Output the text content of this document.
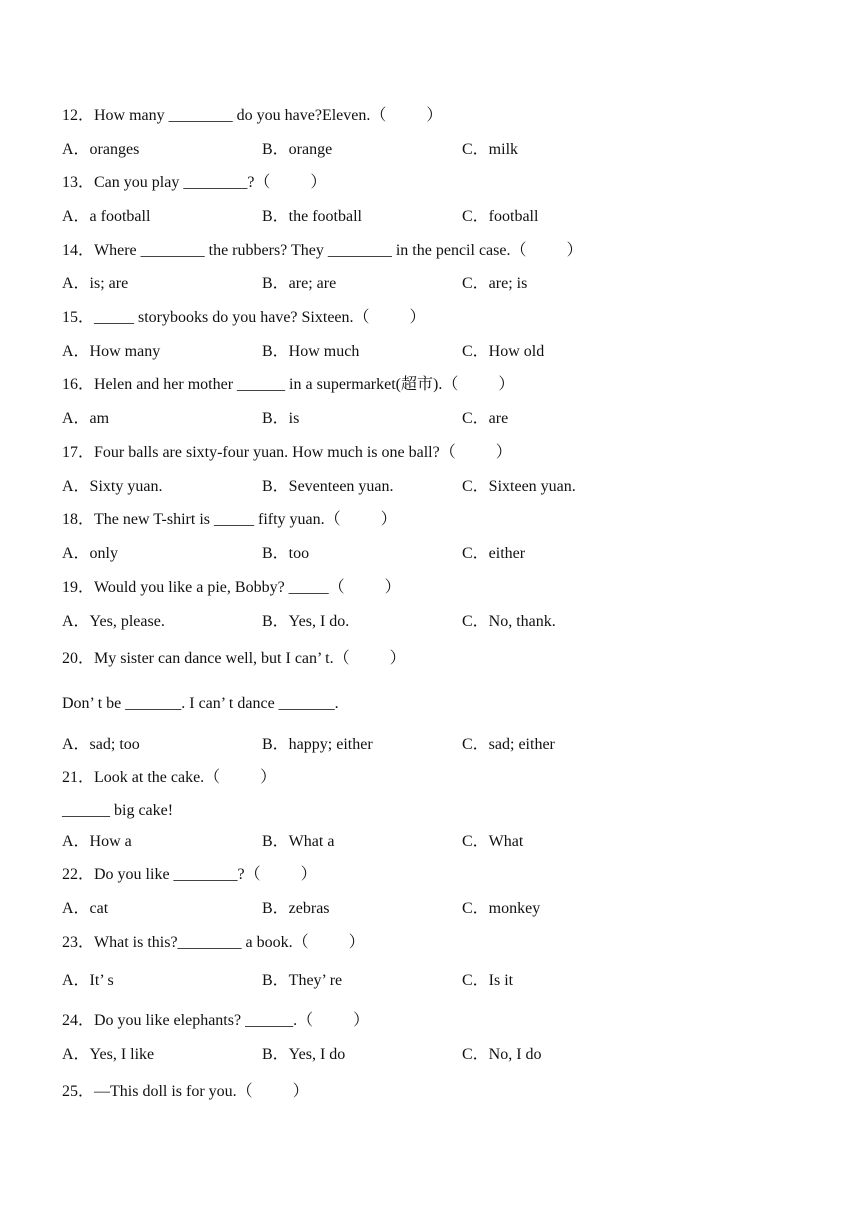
12．How many ________ do you have?Eleven.（          ）
A．oranges	B．orange	C．milk
13．Can you play ________?（          ）
A．a football	B．the football	C．football
14．Where ________ the rubbers? They ________ in the pencil case.（          ）
A．is; are	B．are; are	C．are; is
15．_____ storybooks do you have? Sixteen.（          ）
A．How many	B．How much	C．How old
16．Helen and her mother ______ in a supermarket(超市).（          ）
A．am	B．is	C．are
17．Four balls are sixty-four yuan. How much is one ball?（          ）
A．Sixty yuan.	B．Seventeen yuan.	C．Sixteen yuan.
18．The new T-shirt is _____ fifty yuan.（          ）
A．only	B．too	C．either
19．Would you like a pie, Bobby? _____（          ）
A．Yes, please.	B．Yes, I do.	C．No, thank.
20．My sister can dance well, but I can’ t.（          ）
Don’ t be _______. I can’ t dance _______.
A．sad; too	B．happy; either	C．sad; either
21．Look at the cake.（          ）
______ big cake!
A．How a	B．What a	C．What
22．Do you like ________?（          ）
A．cat	B．zebras	C．monkey
23．What is this?________ a book.（          ）
A．It’ s	B．They’ re	C．Is it
24．Do you like elephants? ______.（          ）
A．Yes, I like	B．Yes, I do	C．No, I do
25．—This doll is for you.（          ）
